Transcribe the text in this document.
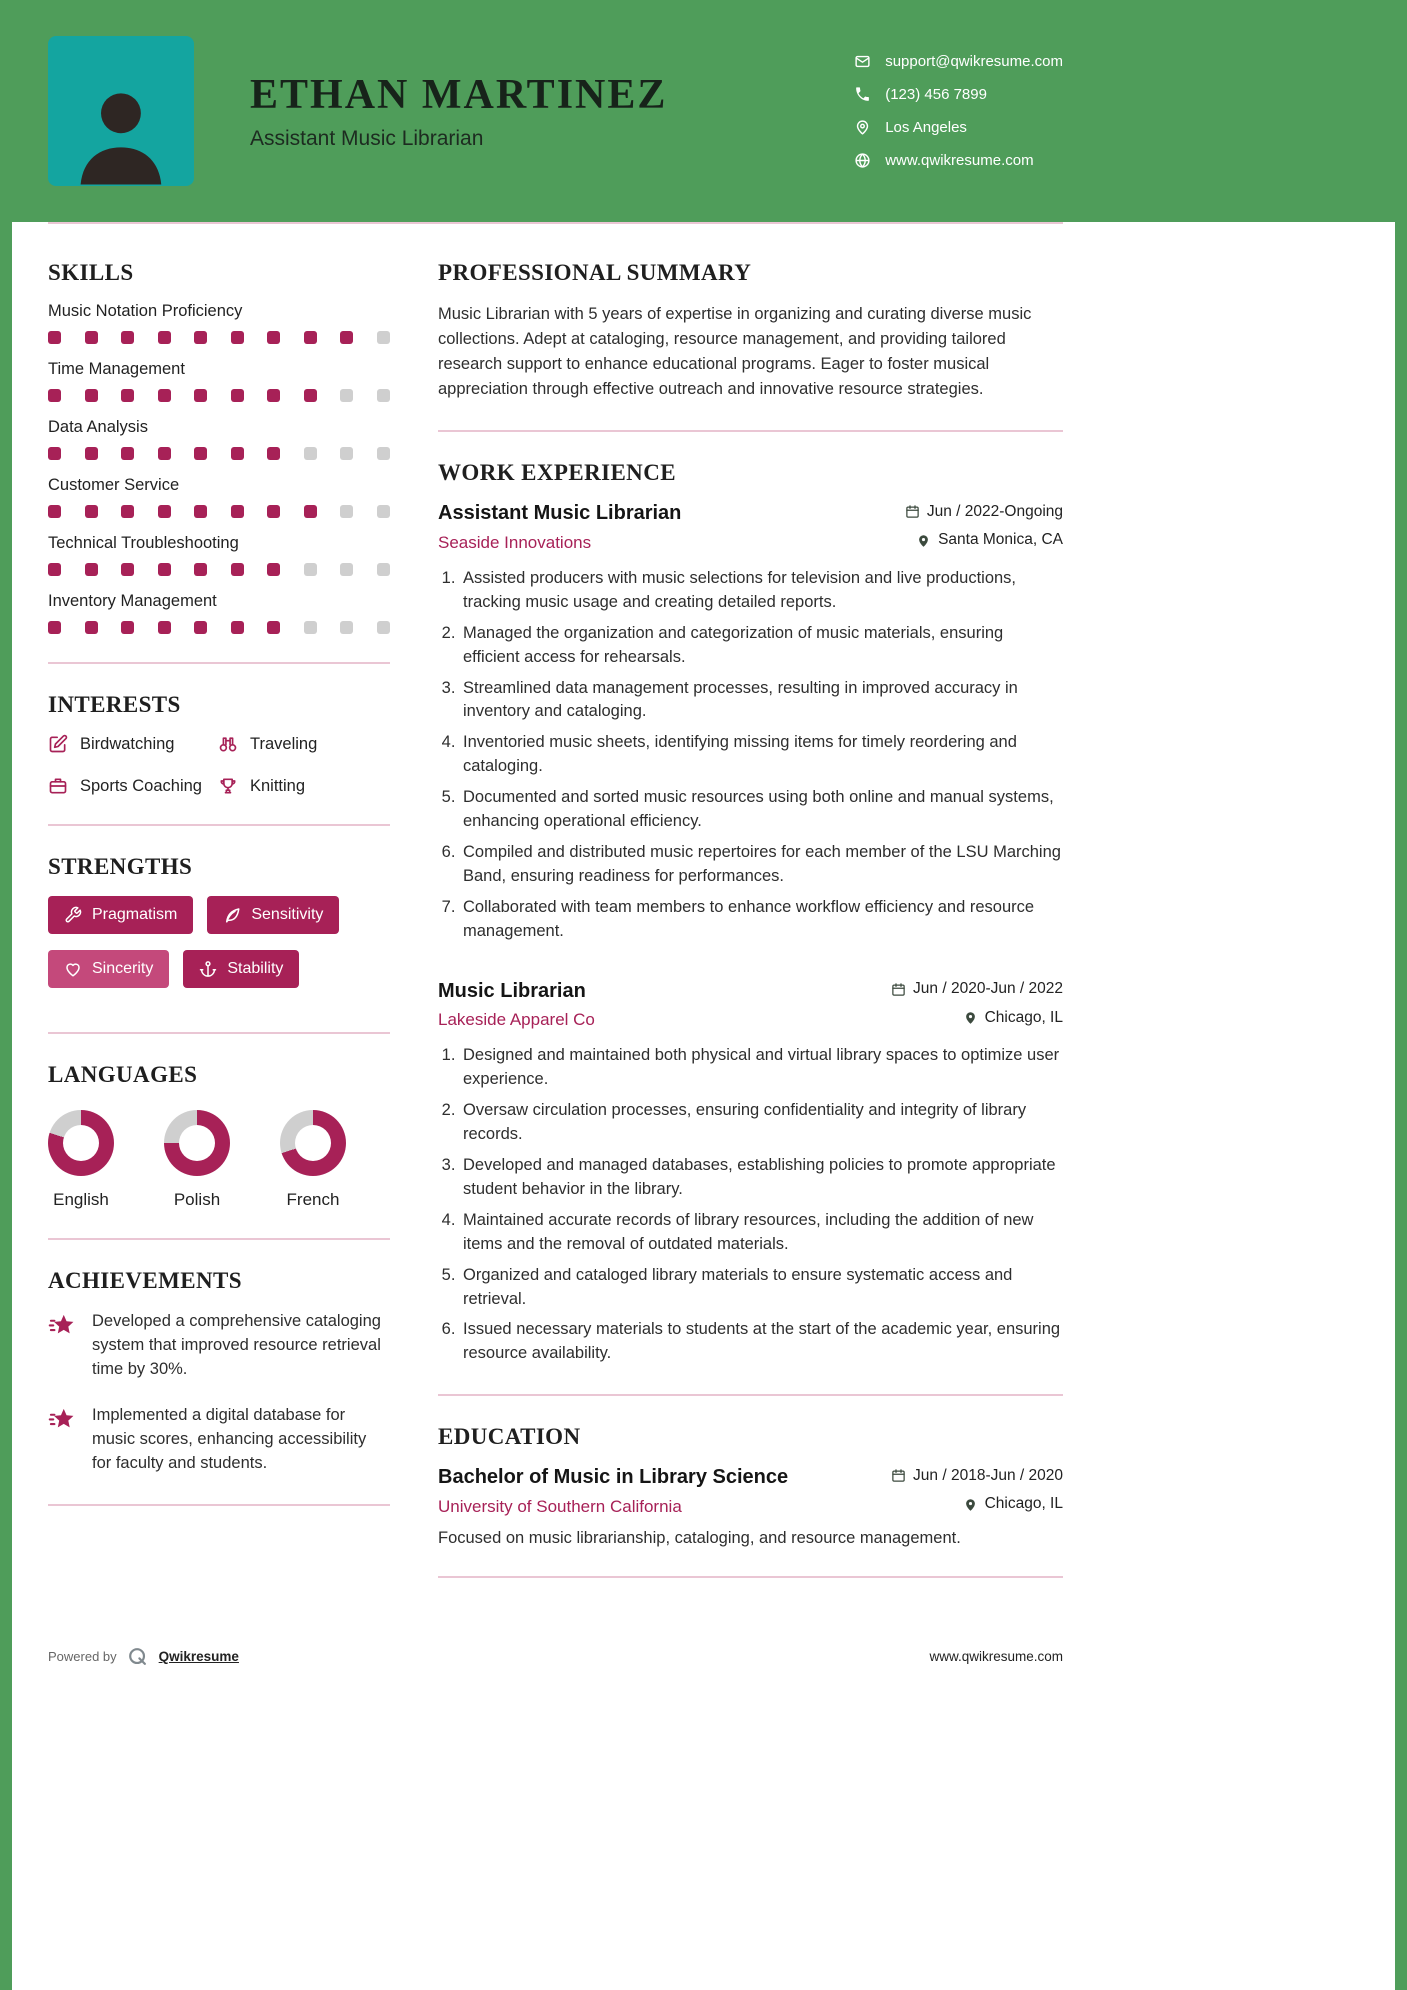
ETHAN MARTINEZ
Assistant Music Librarian
support@qwikresume.com
(123) 456 7899
Los Angeles
www.qwikresume.com
SKILLS
Music Notation Proficiency
Time Management
Data Analysis
Customer Service
Technical Troubleshooting
Inventory Management
INTERESTS
Birdwatching	Traveling
Sports Coaching	Knitting
STRENGTHS
Pragmatism	Sensitivity
Sincerity	Stability
LANGUAGES
English	Polish	French
ACHIEVEMENTS

Developed a comprehensive cataloging system that improved resource retrieval time by 30%.

Implemented a digital database for music scores, enhancing accessibility for faculty and students.

PROFESSIONAL SUMMARY

Music Librarian with 5 years of expertise in organizing and curating diverse music collections. Adept at cataloging, resource management, and providing tailored research support to enhance educational programs. Eager to foster musical appreciation through effective outreach and innovative resource strategies.

WORK EXPERIENCE
Assistant Music Librarian	Jun / 2022-Ongoing
Seaside Innovations	Santa Monica, CA
1. Assisted producers with music selections for television and live productions, tracking music usage and creating detailed reports.
2. Managed the organization and categorization of music materials, ensuring efficient access for rehearsals.
3. Streamlined data management processes, resulting in improved accuracy in inventory and cataloging.
4. Inventoried music sheets, identifying missing items for timely reordering and cataloging.
5. Documented and sorted music resources using both online and manual systems, enhancing operational efficiency.
6. Compiled and distributed music repertoires for each member of the LSU Marching Band, ensuring readiness for performances.
7. Collaborated with team members to enhance workflow efficiency and resource management.
Music Librarian	Jun / 2020-Jun / 2022
Lakeside Apparel Co	Chicago, IL
1. Designed and maintained both physical and virtual library spaces to optimize user experience.
2. Oversaw circulation processes, ensuring confidentiality and integrity of library records.
3. Developed and managed databases, establishing policies to promote appropriate student behavior in the library.
4. Maintained accurate records of library resources, including the addition of new items and the removal of outdated materials.
5. Organized and cataloged library materials to ensure systematic access and retrieval.
6. Issued necessary materials to students at the start of the academic year, ensuring resource availability.
EDUCATION
Bachelor of Music in Library Science	Jun / 2018-Jun / 2020
University of Southern California	Chicago, IL

Focused on music librarianship, cataloging, and resource management.

Powered by	Qwikresume	www.qwikresume.com
